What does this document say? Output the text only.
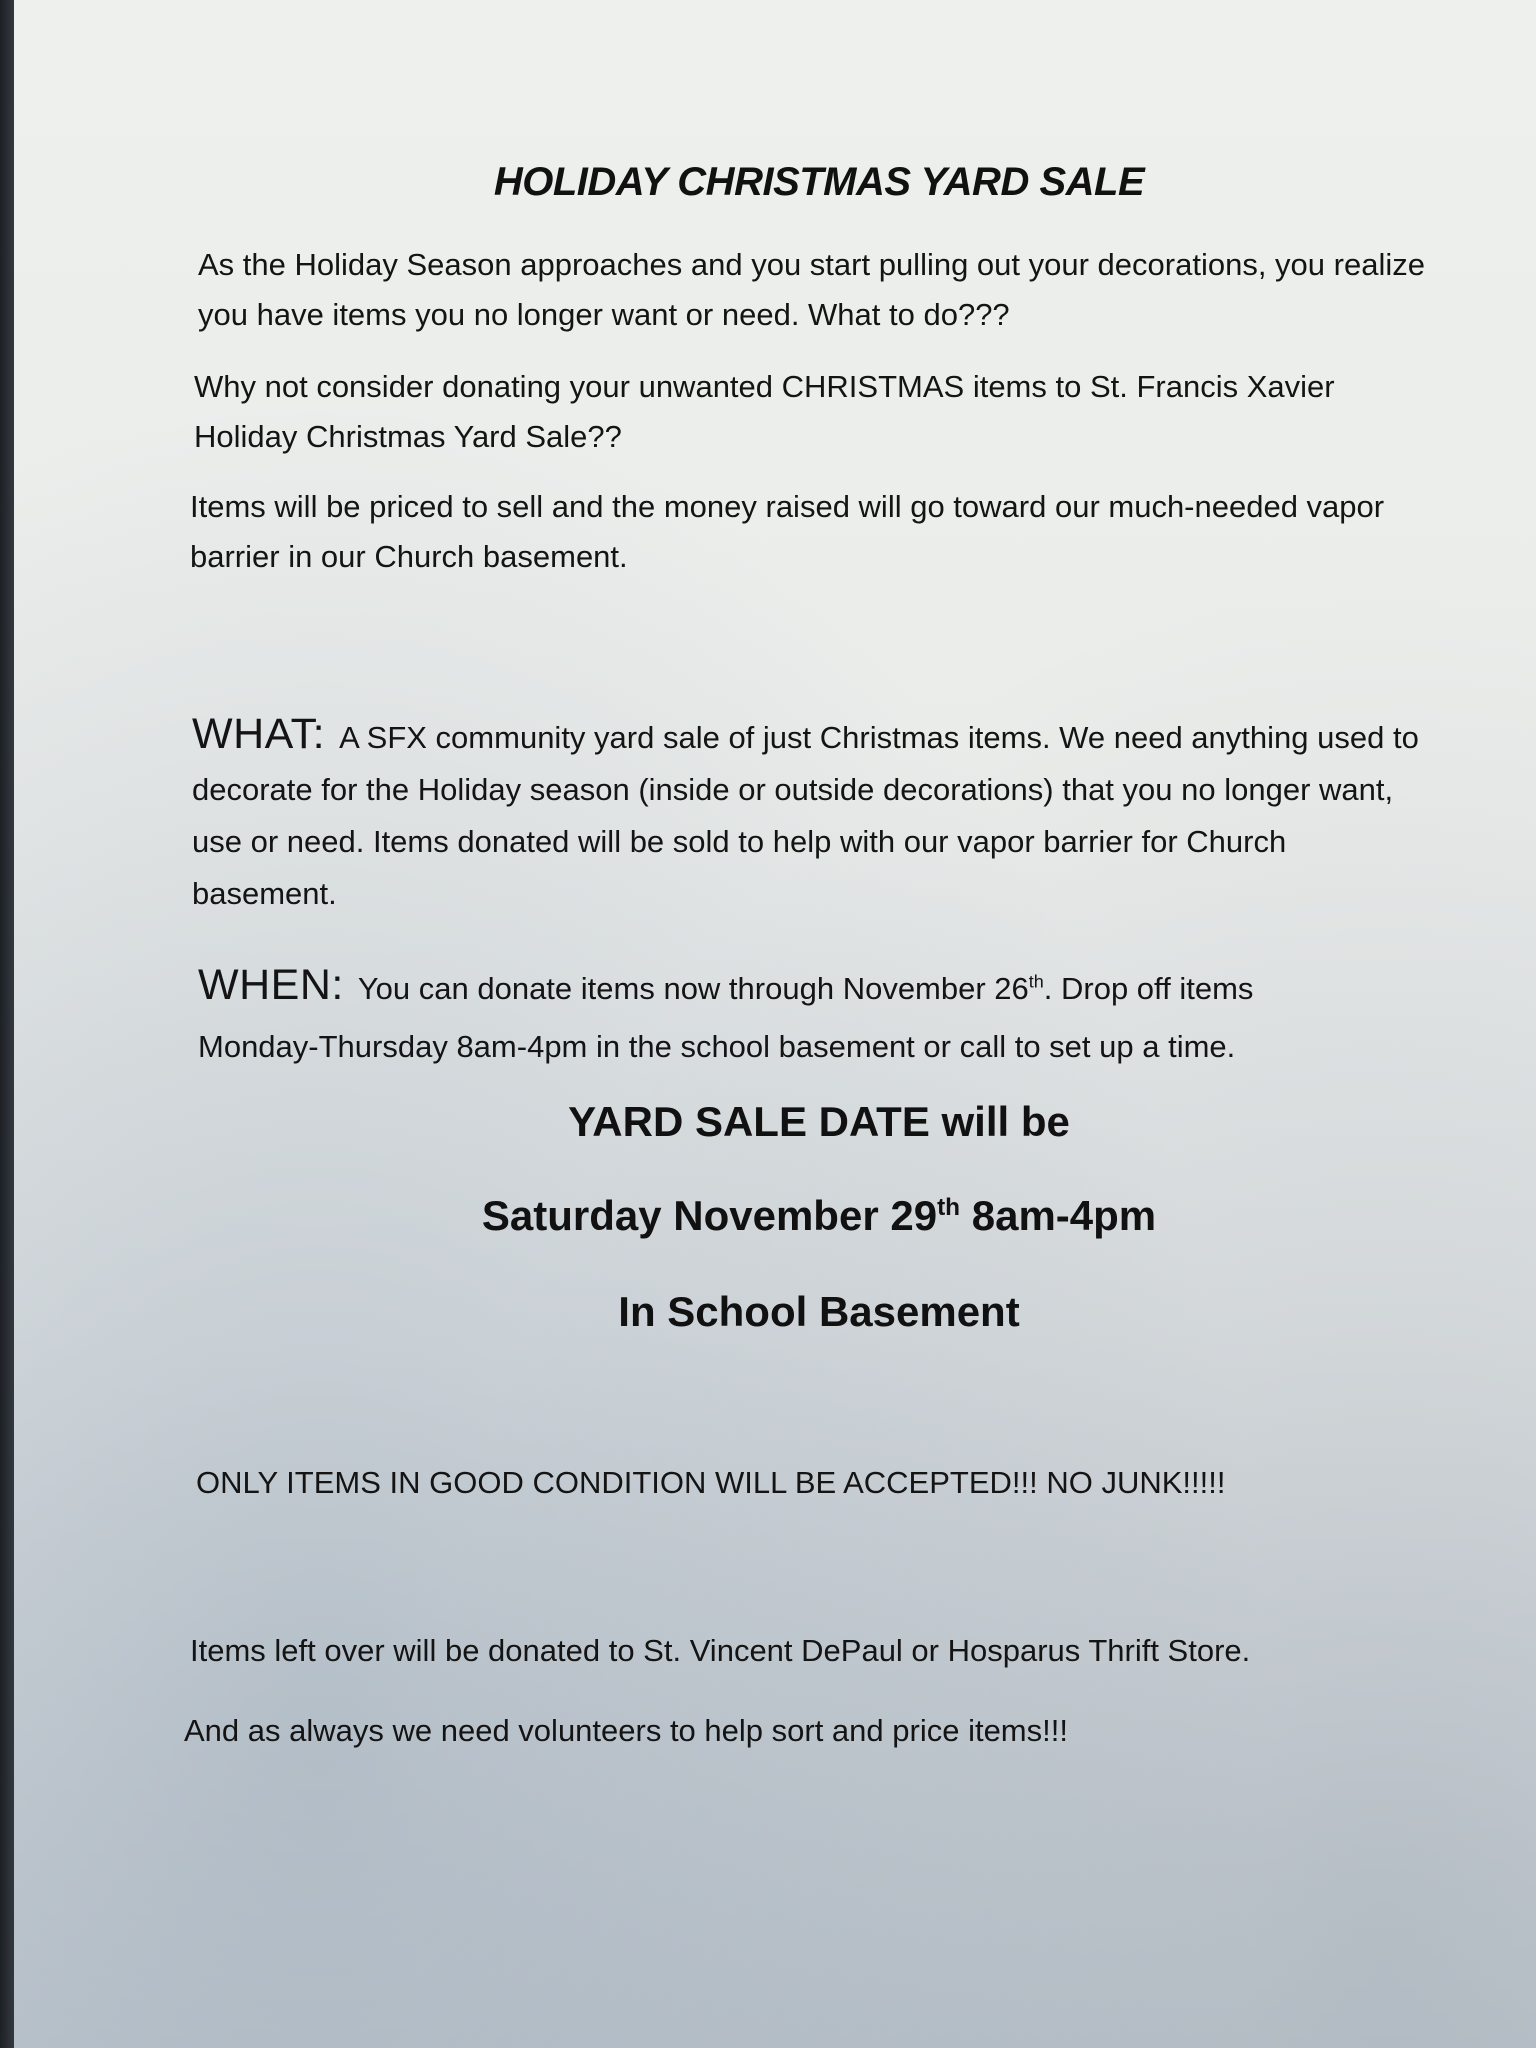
HOLIDAY CHRISTMAS YARD SALE

As the Holiday Season approaches and you start pulling out your decorations, you realize you have items you no longer want or need. What to do???

Why not consider donating your unwanted CHRISTMAS items to St. Francis Xavier Holiday Christmas Yard Sale??

Items will be priced to sell and the money raised will go toward our much-needed vapor barrier in our Church basement.

WHAT: A SFX community yard sale of just Christmas items. We need anything used to decorate for the Holiday season (inside or outside decorations) that you no longer want, use or need. Items donated will be sold to help with our vapor barrier for Church basement.

WHEN: You can donate items now through November 26th. Drop off items Monday-Thursday 8am-4pm in the school basement or call to set up a time.

YARD SALE DATE will be

Saturday November 29th 8am-4pm

In School Basement

ONLY ITEMS IN GOOD CONDITION WILL BE ACCEPTED!!! NO JUNK!!!!!

Items left over will be donated to St. Vincent DePaul or Hosparus Thrift Store.

And as always we need volunteers to help sort and price items!!!
